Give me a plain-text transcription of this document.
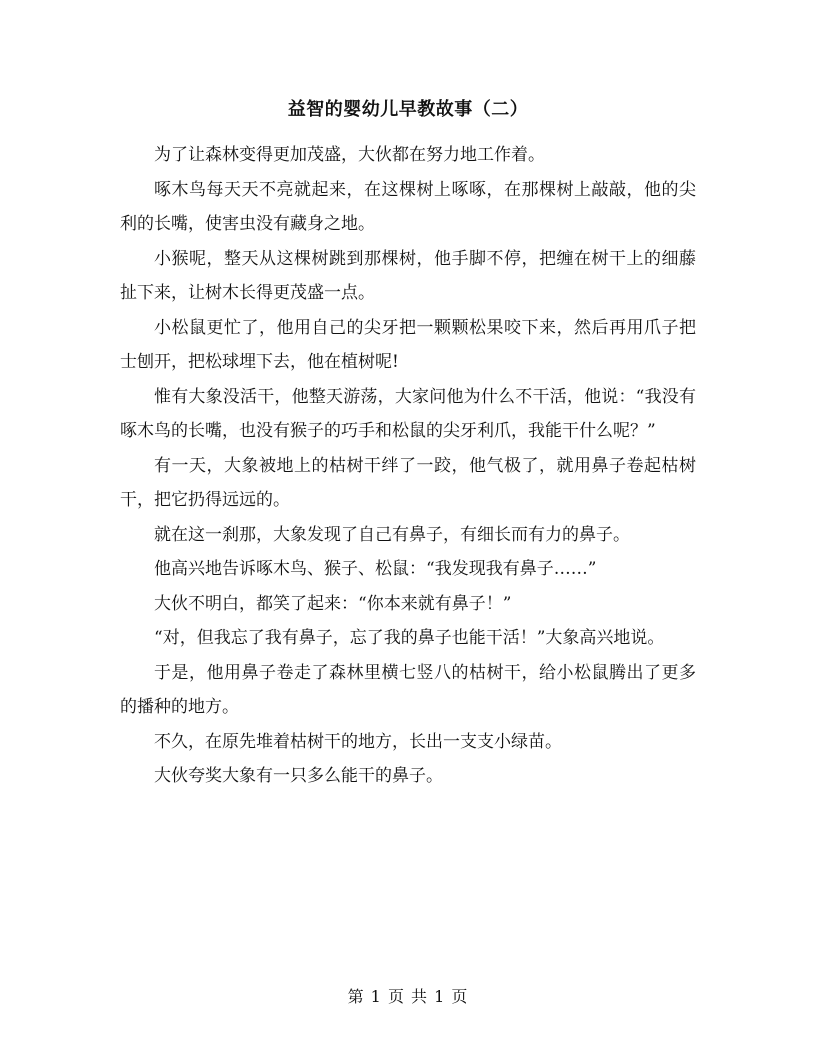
益智的婴幼儿早教故事（二）

为了让森林变得更加茂盛，大伙都在努力地工作着。

啄木鸟每天天不亮就起来，在这棵树上啄啄，在那棵树上敲敲，他的尖利的长嘴，使害虫没有藏身之地。

小猴呢，整天从这棵树跳到那棵树，他手脚不停，把缠在树干上的细藤扯下来，让树木长得更茂盛一点。

小松鼠更忙了，他用自己的尖牙把一颗颗松果咬下来，然后再用爪子把士刨开，把松球埋下去，他在植树呢!

惟有大象没活干，他整天游荡，大家问他为什么不干活，他说：“我没有啄木鸟的长嘴，也没有猴子的巧手和松鼠的尖牙利爪，我能干什么呢？”

有一天，大象被地上的枯树干绊了一跤，他气极了，就用鼻子卷起枯树干，把它扔得远远的。

就在这一刹那，大象发现了自己有鼻子，有细长而有力的鼻子。

他高兴地告诉啄木鸟、猴子、松鼠：“我发现我有鼻子……”

大伙不明白，都笑了起来：“你本来就有鼻子！”

“对，但我忘了我有鼻子，忘了我的鼻子也能干活！”大象高兴地说。

于是，他用鼻子卷走了森林里横七竖八的枯树干，给小松鼠腾出了更多的播种的地方。

不久，在原先堆着枯树干的地方，长出一支支小绿苗。

大伙夸奖大象有一只多么能干的鼻子。

第 1 页 共 1 页
